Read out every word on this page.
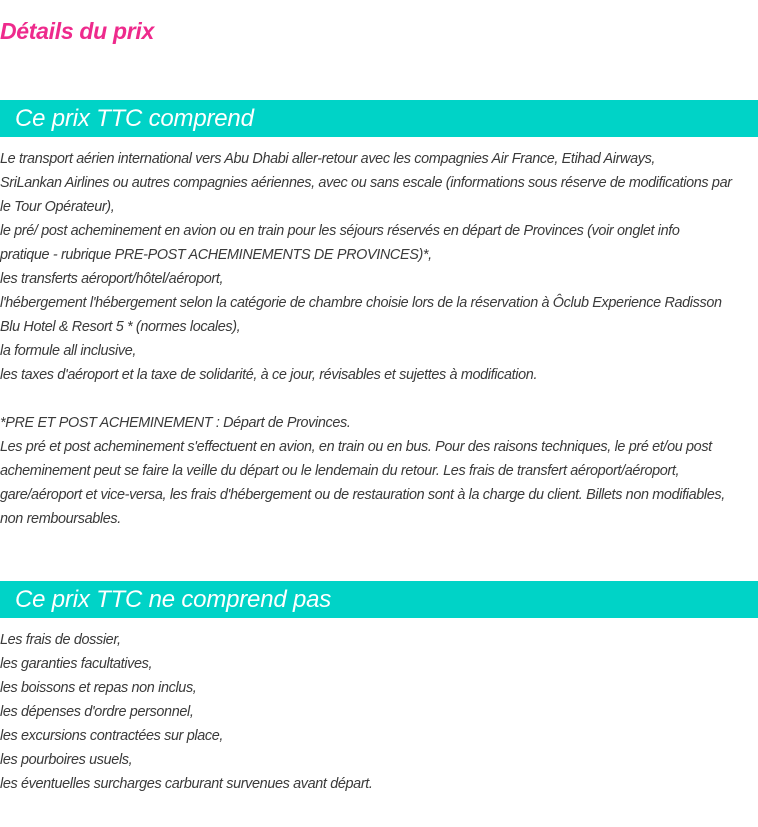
Détails du prix
Ce prix TTC comprend
Le transport aérien international vers Abu Dhabi aller-retour avec les compagnies Air France, Etihad Airways,
SriLankan Airlines ou autres compagnies aériennes, avec ou sans escale (informations sous réserve de modifications par
le Tour Opérateur),
le pré/ post acheminement en avion ou en train pour les séjours réservés en départ de Provinces (voir onglet info
pratique - rubrique PRE-POST ACHEMINEMENTS DE PROVINCES)*,
les transferts aéroport/hôtel/aéroport,
l'hébergement l'hébergement selon la catégorie de chambre choisie lors de la réservation à Ôclub Experience Radisson
Blu Hotel & Resort 5 * (normes locales),
la formule all inclusive,
les taxes d'aéroport et la taxe de solidarité, à ce jour, révisables et sujettes à modification.
*PRE ET POST ACHEMINEMENT : Départ de Provinces.
Les pré et post acheminement s'effectuent en avion, en train ou en bus. Pour des raisons techniques, le pré et/ou post
acheminement peut se faire la veille du départ ou le lendemain du retour. Les frais de transfert aéroport/aéroport,
gare/aéroport et vice-versa, les frais d'hébergement ou de restauration sont à la charge du client. Billets non modifiables,
non remboursables.
Ce prix TTC ne comprend pas
Les frais de dossier,
les garanties facultatives,
les boissons et repas non inclus,
les dépenses d'ordre personnel,
les excursions contractées sur place,
les pourboires usuels,
les éventuelles surcharges carburant survenues avant départ.
